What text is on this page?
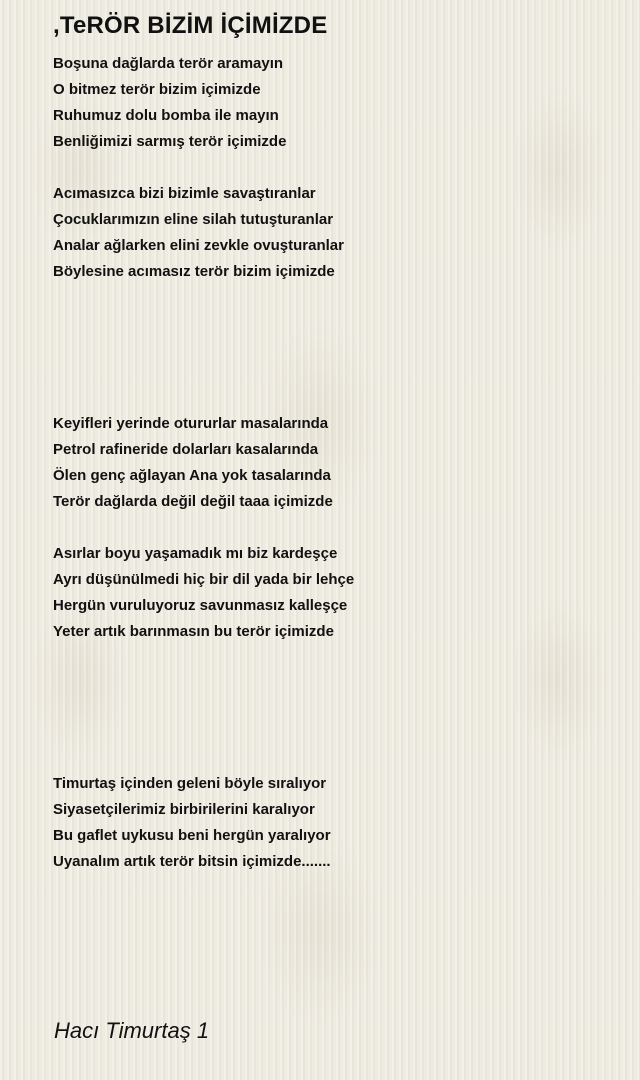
,TeRÖR BİZİM İÇİMİZDE
Boşuna dağlarda terör aramayın
O bitmez terör bizim içimizde
Ruhumuz dolu bomba ile mayın
Benliğimizi sarmış terör içimizde
Acımasızca bizi bizimle savaştıranlar
Çocuklarımızın eline silah tutuşturanlar
Analar ağlarken elini zevkle ovuşturanlar
Böylesine acımasız terör bizim içimizde
Keyifleri yerinde otururlar masalarında
Petrol rafineride dolarları kasalarında
Ölen genç ağlayan Ana yok tasalarında
Terör dağlarda değil değil taaa içimizde
Asırlar boyu yaşamadık mı biz kardeşçe
Ayrı düşünülmedi hiç bir dil yada bir lehçe
Hergün vuruluyoruz savunmasız kalleşçe
Yeter artık barınmasın bu terör içimizde
Timurtaş içinden geleni böyle sıralıyor
Siyasetçilerimiz birbirilerini karalıyor
Bu gaflet uykusu beni hergün yaralıyor
Uyanalım artık terör bitsin içimizde.......
Hacı Timurtaş 1
